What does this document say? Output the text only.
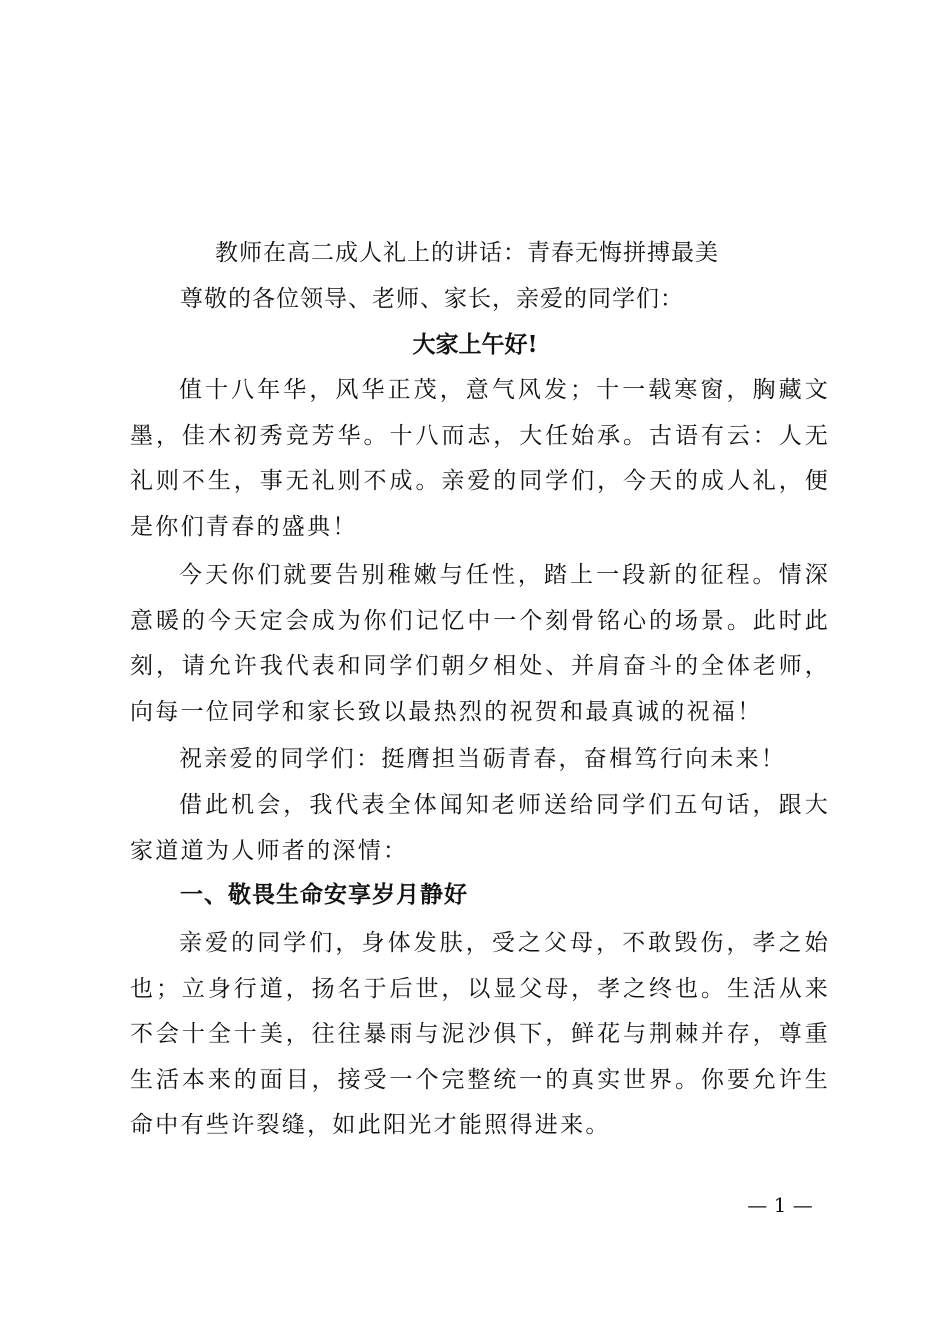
教师在高二成人礼上的讲话：青春无悔拼搏最美
尊敬的各位领导、老师、家长，亲爱的同学们：
大家上午好!

值十八年华，风华正茂，意气风发；十一载寒窗，胸藏文墨，佳木初秀竞芳华。十八而志，大任始承。古语有云：人无礼则不生，事无礼则不成。亲爱的同学们，今天的成人礼，便是你们青春的盛典！

今天你们就要告别稚嫩与任性，踏上一段新的征程。情深意暖的今天定会成为你们记忆中一个刻骨铭心的场景。此时此刻，请允许我代表和同学们朝夕相处、并肩奋斗的全体老师，向每一位同学和家长致以最热烈的祝贺和最真诚的祝福！

祝亲爱的同学们：挺膺担当砺青春，奋楫笃行向未来！

借此机会，我代表全体闻知老师送给同学们五句话，跟大家道道为人师者的深情：

一、敬畏生命安享岁月静好

亲爱的同学们，身体发肤，受之父母，不敢毁伤，孝之始也；立身行道，扬名于后世，以显父母，孝之终也。生活从来不会十全十美，往往暴雨与泥沙俱下，鲜花与荆棘并存，尊重生活本来的面目，接受一个完整统一的真实世界。你要允许生命中有些许裂缝，如此阳光才能照得进来。

— 1 —
